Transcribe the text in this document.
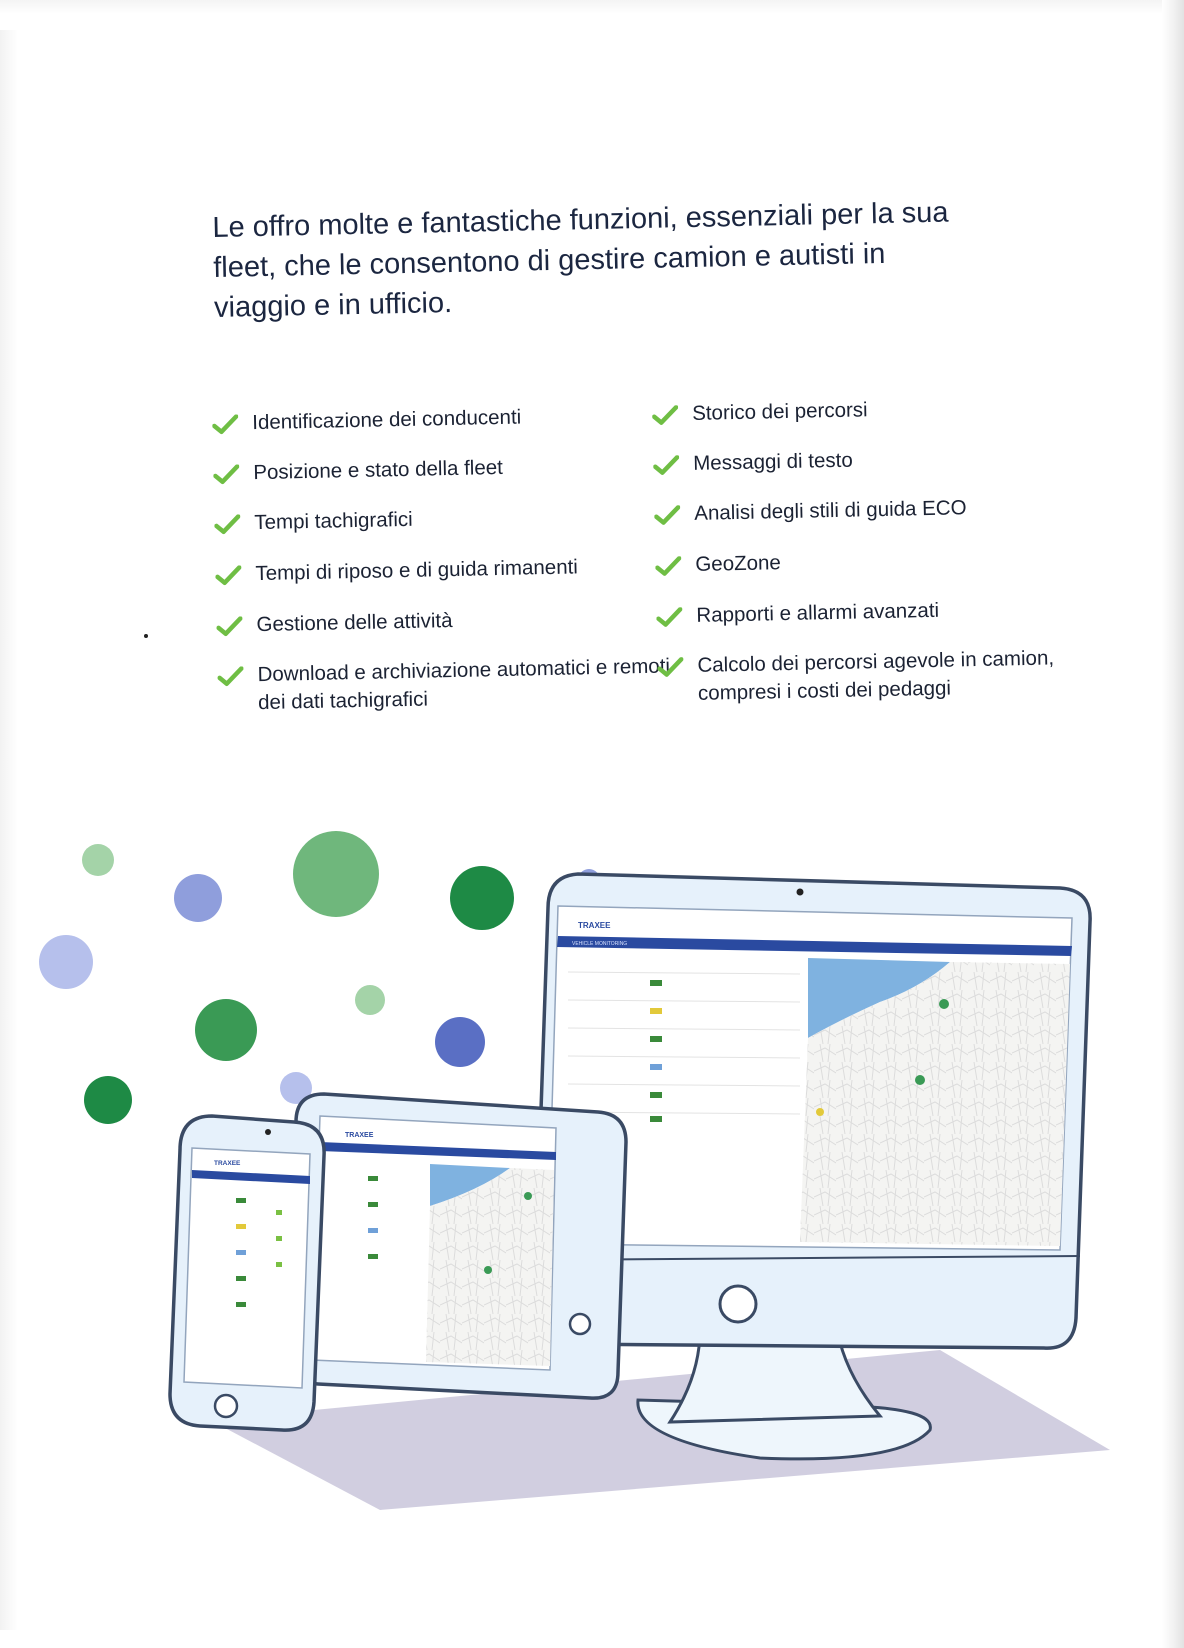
Le offro molte e fantastiche funzioni, essenziali per la sua fleet, che le consentono di gestire camion e autisti in viaggio e in ufficio.
Identificazione dei conducenti
Posizione e stato della fleet
Tempi tachigrafici
Tempi di riposo e di guida rimanenti
Gestione delle attività
Download e archiviazione automatici e remoti dei dati tachigrafici
Storico dei percorsi
Messaggi di testo
Analisi degli stili di guida ECO
GeoZone
Rapporti e allarmi avanzati
Calcolo dei percorsi agevole in camion, compresi i costi dei pedaggi
TRAXEE
VEHICLE MONITORING
TRAXEE
TRAXEE
